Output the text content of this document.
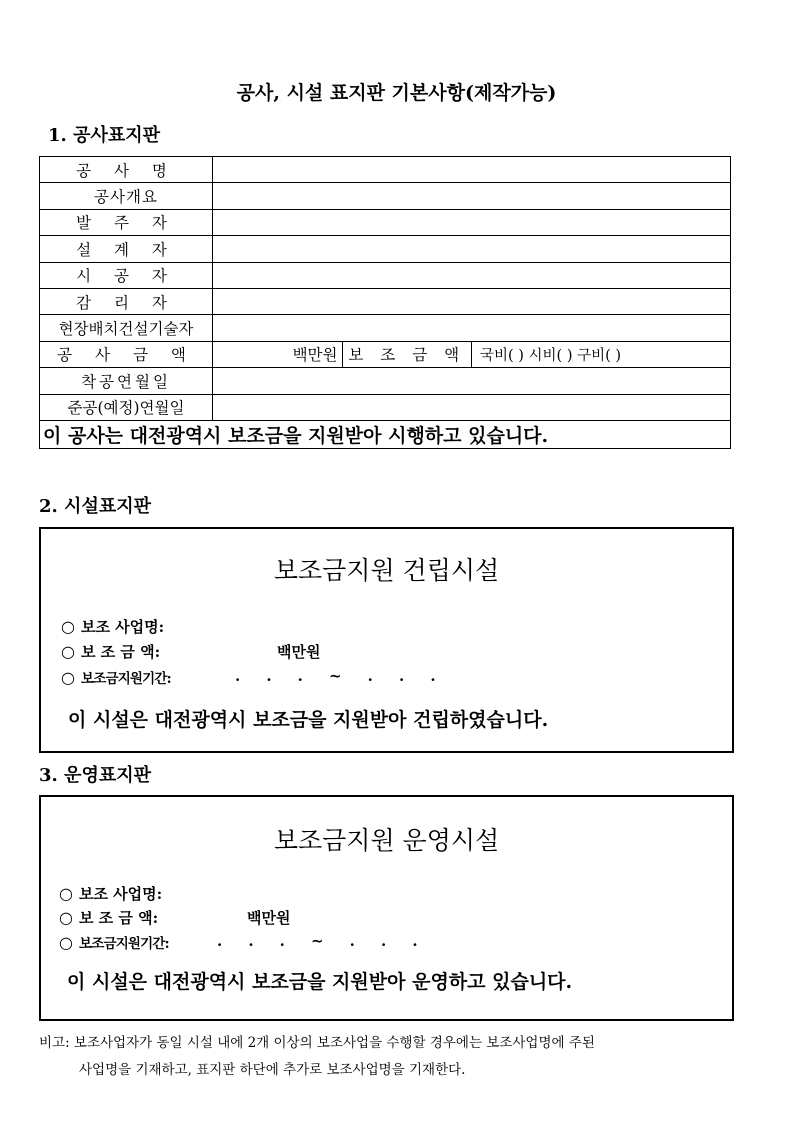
공사, 시설 표지판 기본사항(제작가능)
1. 공사표지판
공 사 명			
공사개요			
발 주 자			
설 계 자			
시 공 자			
감 리 자			
현장배치건설기술자			
공 사 금 액	백만원	보 조 금 액	국비( ) 시비( ) 구비( )
착공연월일			
준공(예정)연월일			
이 공사는 대전광역시 보조금을 지원받아 시행하고 있습니다.			
2. 시설표지판
보조금지원 건립시설
○ 보조 사업명:
○ 보 조 금 액:	백만원
○ 보조금지원기간:	.     .     .     ~     .     .     .
이 시설은 대전광역시 보조금을 지원받아 건립하였습니다.
3. 운영표지판
보조금지원 운영시설
○ 보조 사업명:
○ 보 조 금 액:	백만원
○ 보조금지원기간:	.     .     .     ~     .     .     .
이 시설은 대전광역시 보조금을 지원받아 운영하고 있습니다.
비고: 보조사업자가 동일 시설 내에 2개 이상의 보조사업을 수행할 경우에는 보조사업명에 주된
사업명을 기재하고, 표지판 하단에 추가로 보조사업명을 기재한다.
